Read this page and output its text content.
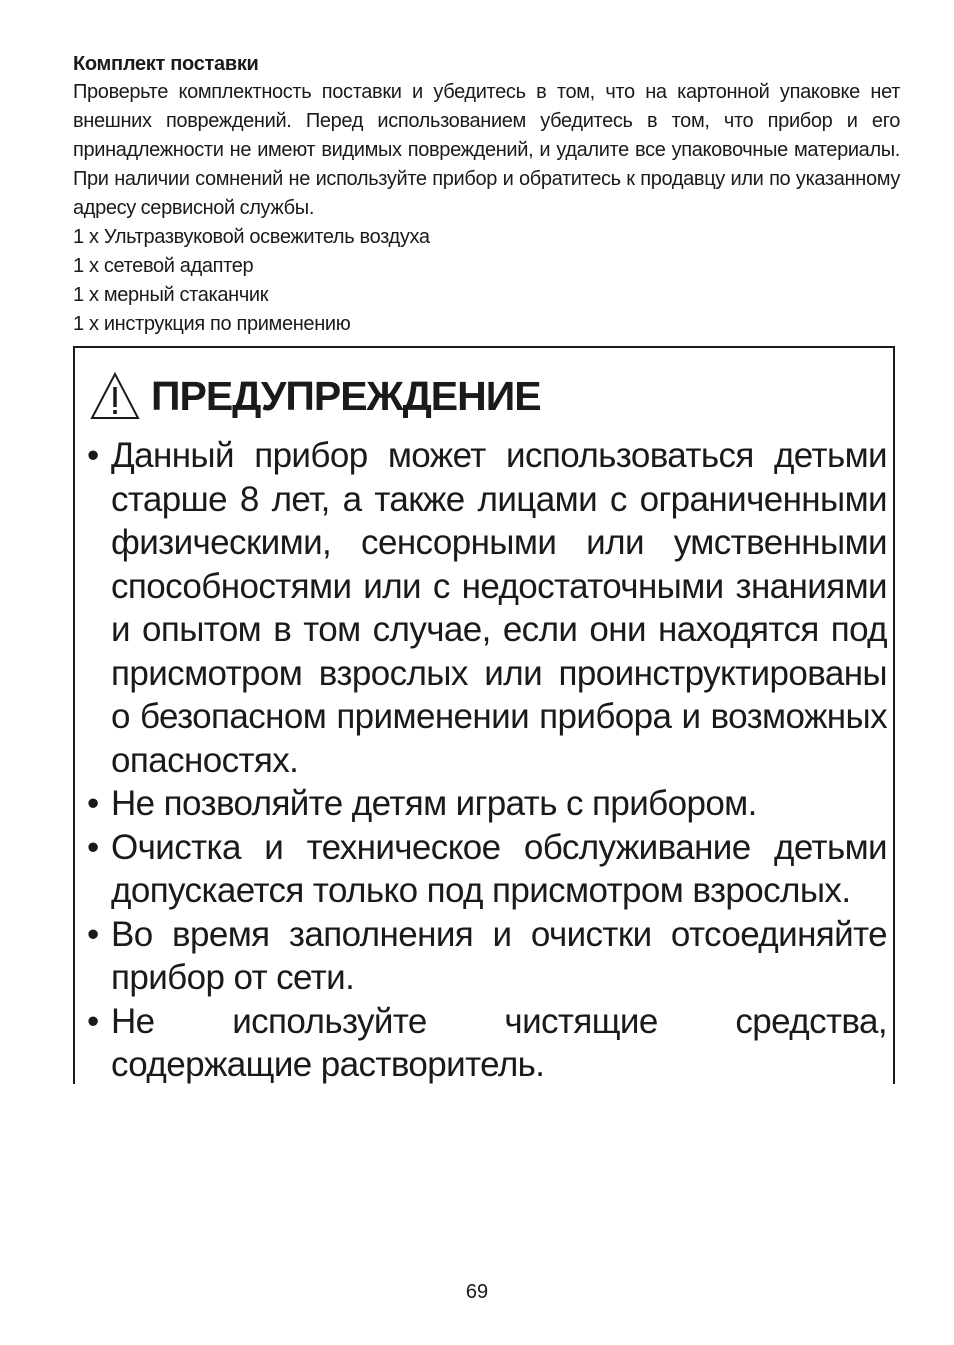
Комплект поставки

Проверьте комплектность поставки и убедитесь в том, что на картонной упаковке нет внешних повреждений. Перед использованием убедитесь в том, что прибор и его принадлежности не имеют видимых повреждений, и удалите все упаковочные материалы. При наличии сомнений не используйте прибор и обратитесь к продавцу или по указанному адресу сервисной службы.

1 x Ультразвуковой освежитель воздуха
1 x сетевой адаптер
1 x мерный стаканчик
1 x инструкция по применению
ПРЕДУПРЕЖДЕНИЕ
• Данный прибор может использоваться детьми старше 8 лет, а также лицами с ограниченными физическими, сенсорными или умственными способностями или с недостаточными знаниями и опытом в том случае, если они находятся под присмотром взрослых или проинструктированы о безопасном применении прибора и возможных опасностях.
• Не позволяйте детям играть с прибором.
• Очистка и техническое обслуживание детьми допускается только под присмотром взрослых.
• Во время заполнения и очистки отсоединяйте прибор от сети.
• Не используйте чистящие средства, содержащие растворитель.
69
